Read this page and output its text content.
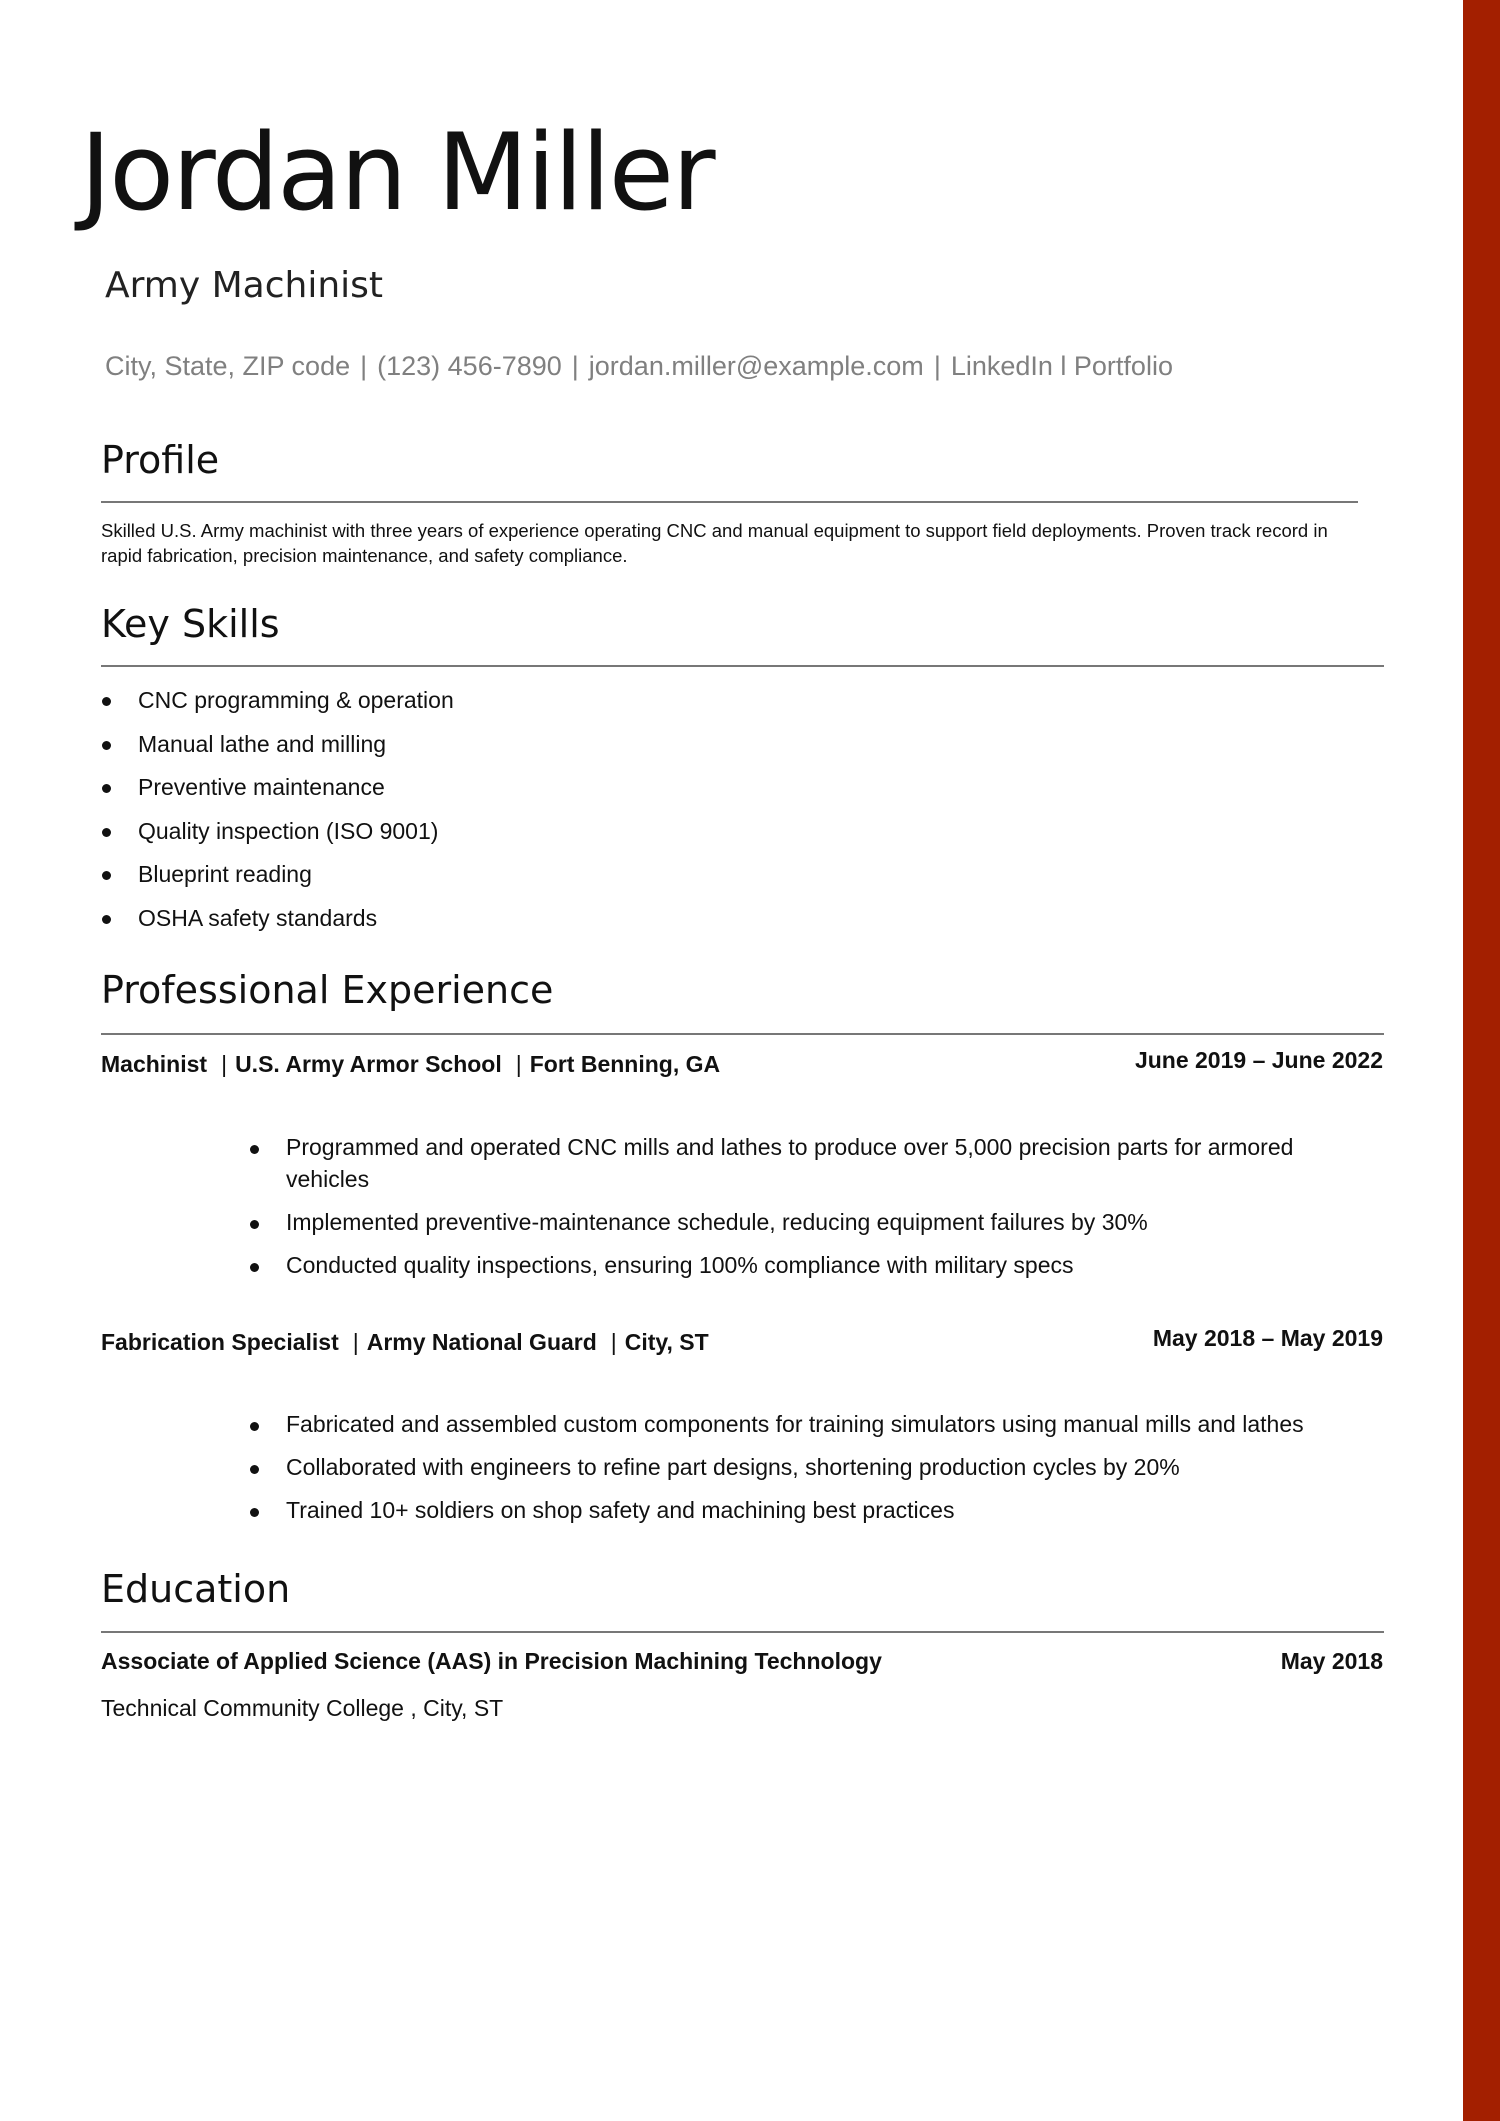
Jordan Miller
Army Machinist
City, State, ZIP code | (123) 456-7890 | jordan.miller@example.com | LinkedIn l Portfolio
Profile
Skilled U.S. Army machinist with three years of experience operating CNC and manual equipment to support field deployments. Proven track record in rapid fabrication, precision maintenance, and safety compliance.
Key Skills
CNC programming & operation
Manual lathe and milling
Preventive maintenance
Quality inspection (ISO 9001)
Blueprint reading
OSHA safety standards
Professional Experience
Machinist | U.S. Army Armor School | Fort Benning, GA	June 2019 – June 2022
Programmed and operated CNC mills and lathes to produce over 5,000 precision parts for armored vehicles
Implemented preventive-maintenance schedule, reducing equipment failures by 30%
Conducted quality inspections, ensuring 100% compliance with military specs
Fabrication Specialist | Army National Guard | City, ST	May 2018 – May 2019
Fabricated and assembled custom components for training simulators using manual mills and lathes
Collaborated with engineers to refine part designs, shortening production cycles by 20%
Trained 10+ soldiers on shop safety and machining best practices
Education
Associate of Applied Science (AAS) in Precision Machining Technology	May 2018
Technical Community College , City, ST
